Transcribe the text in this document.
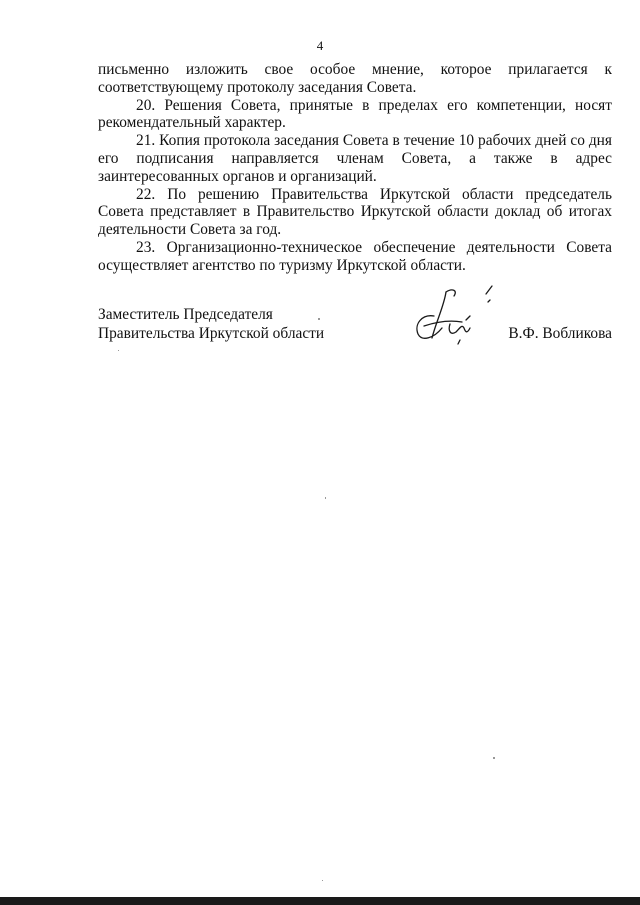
4

письменно изложить свое особое мнение, которое прилагается к соответствующему протоколу заседания Совета.

20. Решения Совета, принятые в пределах его компетенции, носят рекомендательный характер.

21. Копия протокола заседания Совета в течение 10 рабочих дней со дня его подписания направляется членам Совета, а также в адрес заинтересованных органов и организаций.

22. По решению Правительства Иркутской области председатель Совета представляет в Правительство Иркутской области доклад об итогах деятельности Совета за год.

23. Организационно-техническое обеспечение деятельности Совета осуществляет агентство по туризму Иркутской области.

Заместитель Председателя
Правительства Иркутской области	В.Ф. Вобликова
